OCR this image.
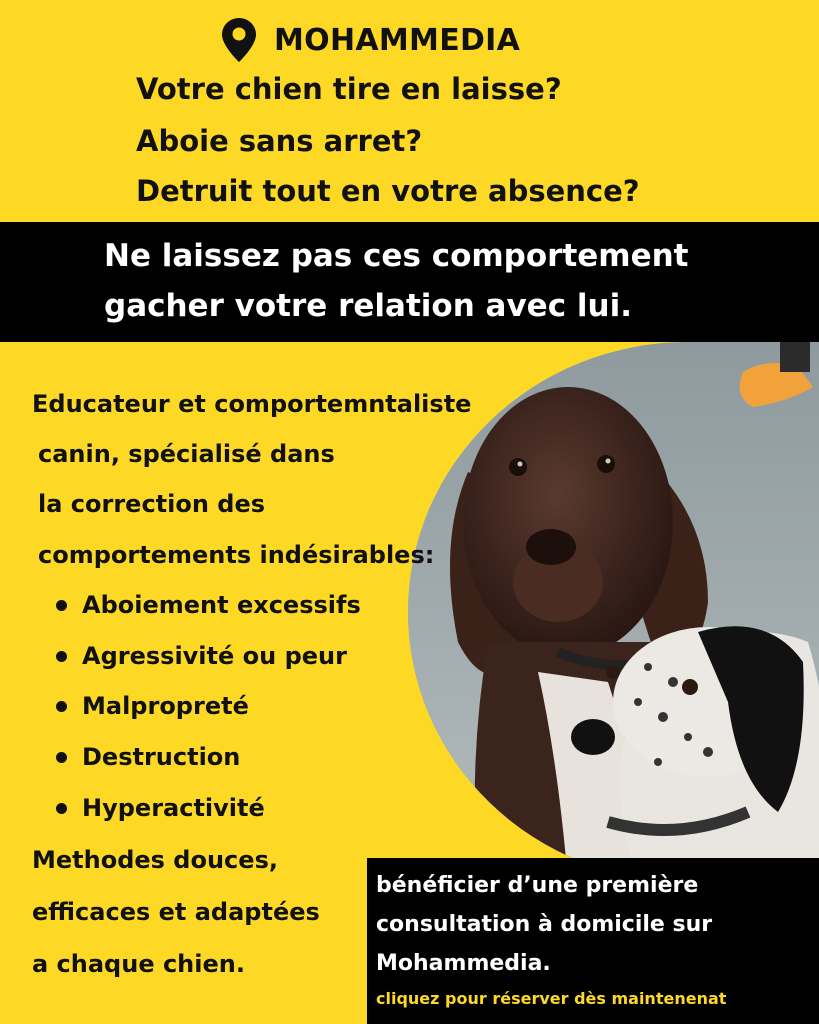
MOHAMMEDIA
Votre chien tire en laisse?
Aboie sans arret?
Detruit tout en votre absence?
Ne laissez pas ces comportement
gacher votre relation avec lui.
Educateur et comportemntaliste
canin, spécialisé dans
la correction des
comportements indésirables:
Aboiement excessifs
Agressivité ou peur
Malpropreté
Destruction
Hyperactivité
Methodes douces,
efficaces et adaptées
a chaque chien.
bénéficier d’une première
consultation à domicile sur
Mohammedia.
cliquez pour réserver dès maintenenat
